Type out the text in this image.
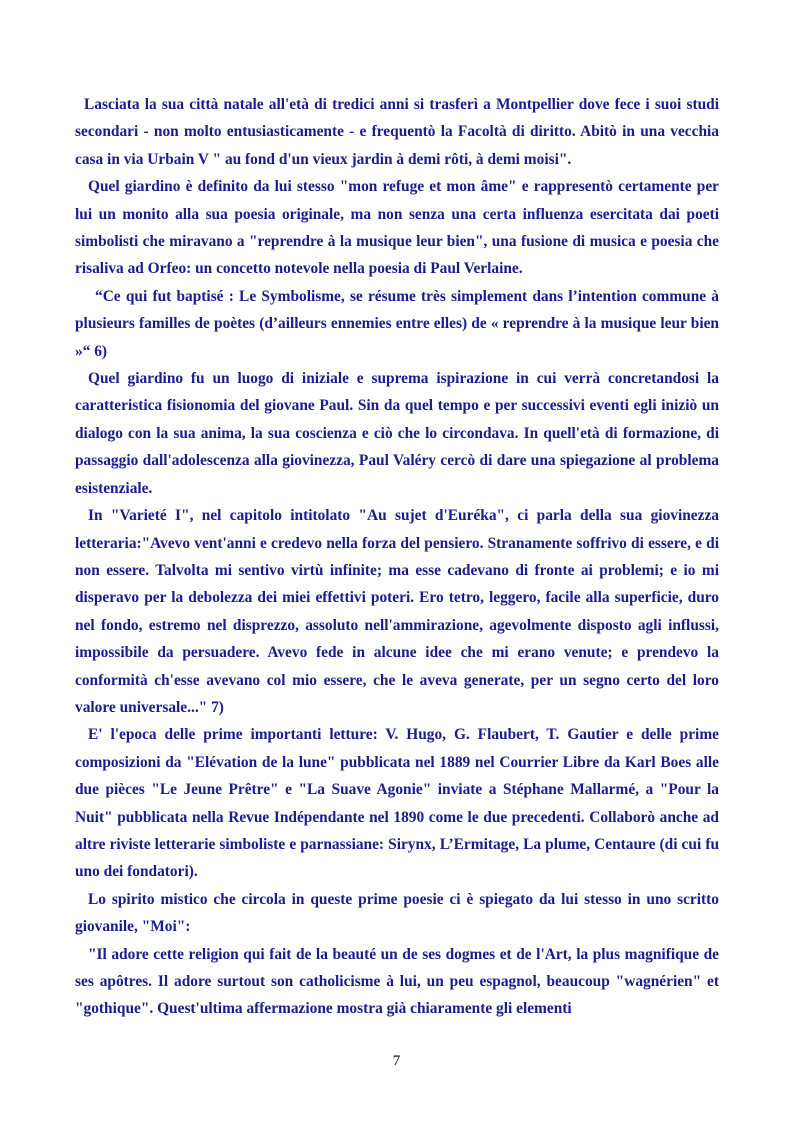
Lasciata la sua città natale all'età di tredici anni si trasferì a Montpellier dove fece i suoi studi secondari - non molto entusiasticamente - e frequentò la Facoltà di diritto. Abitò in una vecchia casa in via Urbain V " au fond d'un vieux jardin à demi rôti, à demi moisi".

Quel giardino è definito da lui stesso "mon refuge et mon âme" e rappresentò certamente per lui un monito alla sua poesia originale, ma non senza una certa influenza esercitata dai poeti simbolisti che miravano a "reprendre à la musique leur bien", una fusione di musica e poesia che risaliva ad Orfeo: un concetto notevole nella poesia di Paul Verlaine.

“Ce qui fut baptisé : Le Symbolisme, se résume très simplement dans l’intention commune à plusieurs familles de poètes (d’ailleurs ennemies entre elles) de « reprendre à la musique leur bien »“ 6)

Quel giardino fu un luogo di iniziale e suprema ispirazione in cui verrà concretandosi la caratteristica fisionomia del giovane Paul. Sin da quel tempo e per successivi eventi egli iniziò un dialogo con la sua anima, la sua coscienza e ciò che lo circondava. In quell'età di formazione, di passaggio dall'adolescenza alla giovinezza, Paul Valéry cercò di dare una spiegazione al problema esistenziale.

In "Varieté I", nel capitolo intitolato "Au sujet d'Euréka", ci parla della sua giovinezza letteraria:"Avevo vent'anni e credevo nella forza del pensiero. Stranamente soffrivo di essere, e di non essere. Talvolta mi sentivo virtù infinite; ma esse cadevano di fronte ai problemi; e io mi disperavo per la debolezza dei miei effettivi poteri. Ero tetro, leggero, facile alla superficie, duro nel fondo, estremo nel disprezzo, assoluto nell'ammirazione, agevolmente disposto agli influssi, impossibile da persuadere. Avevo fede in alcune idee che mi erano venute; e prendevo la conformità ch'esse avevano col mio essere, che le aveva generate, per un segno certo del loro valore universale..." 7)

E' l'epoca delle prime importanti letture: V. Hugo, G. Flaubert, T. Gautier e delle prime composizioni da "Elévation de la lune" pubblicata nel 1889 nel Courrier Libre da Karl Boes alle due pièces "Le Jeune Prêtre" e "La Suave Agonie" inviate a Stéphane Mallarmé, a "Pour la Nuit" pubblicata nella Revue Indépendante nel 1890 come le due precedenti. Collaborò anche ad altre riviste letterarie simboliste e parnassiane: Sirynx, L’Ermitage, La plume, Centaure (di cui fu uno dei fondatori).

Lo spirito mistico che circola in queste prime poesie ci è spiegato da lui stesso in uno scritto giovanile, "Moi":

"Il adore cette religion qui fait de la beauté un de ses dogmes et de l'Art, la plus magnifique de ses apôtres. Il adore surtout son catholicisme à lui, un peu espagnol, beaucoup "wagnérien" et "gothique". Quest'ultima affermazione mostra già chiaramente gli elementi

7
